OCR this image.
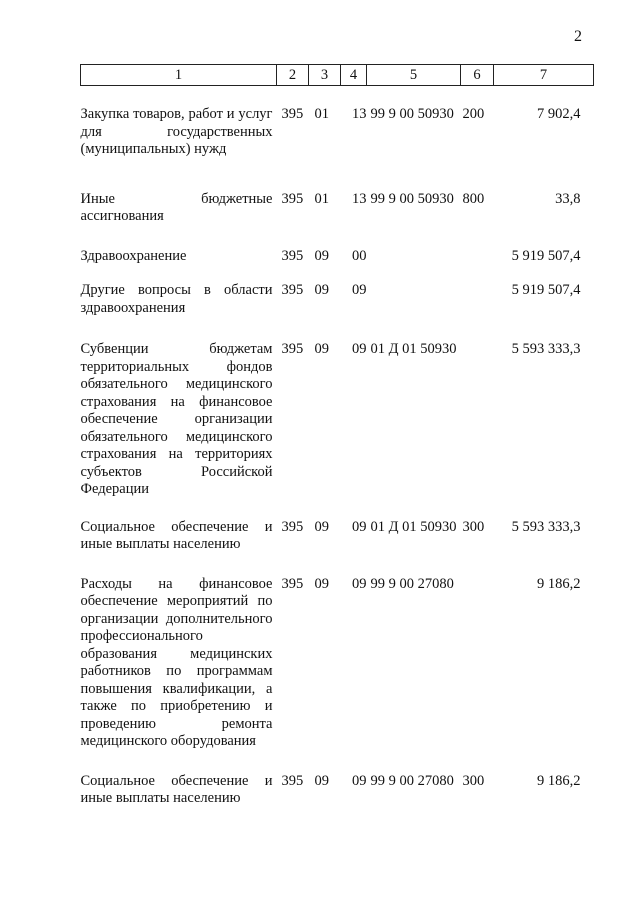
2
1	2	3	4	5	6	7

Закупка товаров, работ и услуг для государственных (муниципальных) нужд	395	01	13	99 9 00 50930	200	7 902,4

Иные бюджетные ассигнования	395	01	13	99 9 00 50930	800	33,8

Здравоохранение	395	09	00			5 919 507,4

Другие вопросы в области здравоохранения	395	09	09			5 919 507,4

Субвенции бюджетам территориальных фондов обязательного медицинского страхования на финансовое обеспечение организации обязательного медицинского страхования на территориях субъектов Российской Федерации	395	09	09	01 Д 01 50930		5 593 333,3

Социальное обеспечение и иные выплаты населению	395	09	09	01 Д 01 50930	300	5 593 333,3

Расходы на финансовое обеспечение мероприятий по организации дополнительного профессионального образования медицинских работников по программам повышения квалификации, а также по приобретению и проведению ремонта медицинского оборудования	395	09	09	99 9 00 27080		9 186,2

Социальное обеспечение и иные выплаты населению	395	09	09	99 9 00 27080	300	9 186,2
